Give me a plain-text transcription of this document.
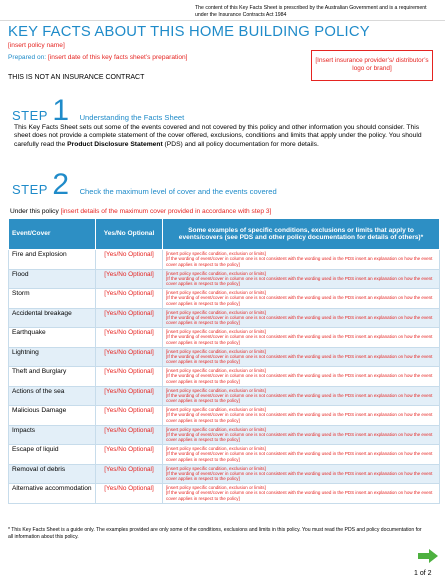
The content of this Key Facts Sheet is prescribed by the Australian Government and is a requirement under the Insurance Contracts Act 1984
KEY FACTS ABOUT THIS HOME BUILDING POLICY
[insert policy name]
Prepared on: [insert date of this key facts sheet’s preparation]	[Insert insurance provider’s/ distributor’s logo or brand]
THIS IS NOT AN INSURANCE CONTRACT
STEP 1 Understanding the Facts Sheet
This Key Facts Sheet sets out some of the events covered and not covered by this policy and other information you should consider. This sheet does not provide a complete statement of the cover offered, exclusions, conditions and limits that apply under the policy. You should carefully read the Product Disclosure Statement (PDS) and all policy documentation for more details.
STEP 2 Check the maximum level of cover and the events covered
Under this policy [insert details of the maximum cover provided in accordance with step 3]
Event/Cover	Yes/No Optional	Some examples of specific conditions, exclusions or limits that apply to events/covers (see PDS and other policy documentation for details of others)*
Fire and Explosion	[Yes/No Optional]	[insert policy specific condition, exclusion or limits]
[If the wording of event/cover in column one is not consistent with the wording used in the PDS insert an explanation on how the event cover applies in respect to the policy]

Flood	[Yes/No Optional]	[insert policy specific condition, exclusion or limits]
[If the wording of event/cover in column one is not consistent with the wording used in the PDS insert an explanation on how the event cover applies in respect to the policy]

Storm	[Yes/No Optional]	[insert policy specific condition, exclusion or limits]
[If the wording of event/cover in column one is not consistent with the wording used in the PDS insert an explanation on how the event cover applies in respect to the policy]

Accidental breakage	[Yes/No Optional]	[insert policy specific condition, exclusion or limits]
[If the wording of event/cover in column one is not consistent with the wording used in the PDS insert an explanation on how the event cover applies in respect to the policy]

Earthquake	[Yes/No Optional]	[insert policy specific condition, exclusion or limits]
[If the wording of event/cover in column one is not consistent with the wording used in the PDS insert an explanation on how the event cover applies in respect to the policy]

Lightning	[Yes/No Optional]	[insert policy specific condition, exclusion or limits]
[If the wording of event/cover in column one is not consistent with the wording used in the PDS insert an explanation on how the event cover applies in respect to the policy]

Theft and Burglary	[Yes/No Optional]	[insert policy specific condition, exclusion or limits]
[If the wording of event/cover in column one is not consistent with the wording used in the PDS insert an explanation on how the event cover applies in respect to the policy]

Actions of the sea	[Yes/No Optional]	[insert policy specific condition, exclusion or limits]
[If the wording of event/cover in column one is not consistent with the wording used in the PDS insert an explanation on how the event cover applies in respect to the policy]

Malicious Damage	[Yes/No Optional]	[insert policy specific condition, exclusion or limits]
[If the wording of event/cover in column one is not consistent with the wording used in the PDS insert an explanation on how the event cover applies in respect to the policy]

Impacts	[Yes/No Optional]	[insert policy specific condition, exclusion or limits]
[If the wording of event/cover in column one is not consistent with the wording used in the PDS insert an explanation on how the event cover applies in respect to the policy]

Escape of liquid	[Yes/No Optional]	[insert policy specific condition, exclusion or limits]
[If the wording of event/cover in column one is not consistent with the wording used in the PDS insert an explanation on how the event cover applies in respect to the policy]

Removal of debris	[Yes/No Optional]	[insert policy specific condition, exclusion or limits]
[If the wording of event/cover in column one is not consistent with the wording used in the PDS insert an explanation on how the event cover applies in respect to the policy]

Alternative accommodation	[Yes/No Optional]	[insert policy specific condition, exclusion or limits]
[If the wording of event/cover in column one is not consistent with the wording used in the PDS insert an explanation on how the event cover applies in respect to the policy]
* This Key Facts Sheet is a guide only. The examples provided are only some of the conditions, exclusions and limits in this policy. You must read the PDS and policy documentation for all information about this policy.
1 of 2
